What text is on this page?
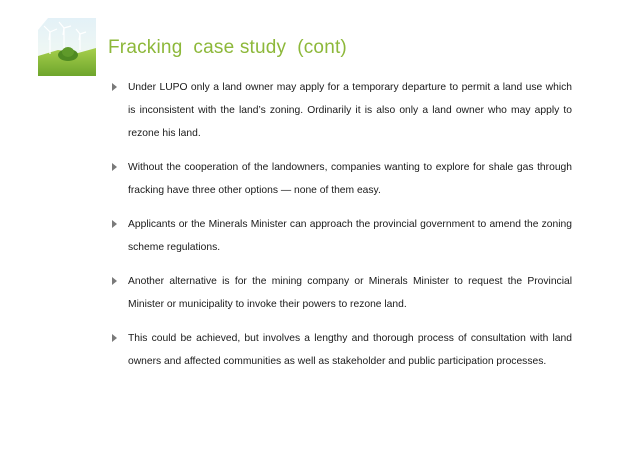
Fracking  case study  (cont)
Under LUPO only a land owner may apply for a temporary departure to permit a land use which is inconsistent with the land’s zoning. Ordinarily it is also only a land owner who may apply to rezone his land.
Without the cooperation of the landowners, companies wanting to explore for shale gas through fracking have three other options — none of them easy.
Applicants or the Minerals Minister can approach the provincial government to amend the zoning scheme regulations.
Another alternative is for the mining company or Minerals Minister to request the Provincial Minister or municipality to invoke their powers to rezone land.
This could be achieved, but involves a lengthy and thorough process of consultation with land owners and affected communities as well as stakeholder and public participation processes.
